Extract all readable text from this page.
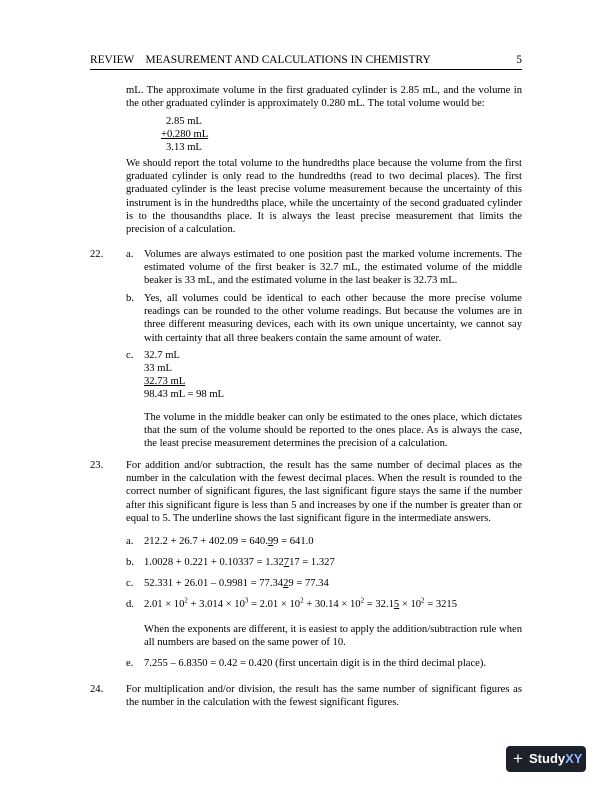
REVIEW    MEASUREMENT AND CALCULATIONS IN CHEMISTRY	5

mL. The approximate volume in the first graduated cylinder is 2.85 mL, and the volume in the other graduated cylinder is approximately 0.280 mL. The total volume would be:

2.85 mL
+0.280 mL
3.13 mL

We should report the total volume to the hundredths place because the volume from the first graduated cylinder is only read to the hundredths (read to two decimal places). The first graduated cylinder is the least precise volume measurement because the uncertainty of this instrument is in the hundredths place, while the uncertainty of the second graduated cylinder is to the thousandths place. It is always the least precise measurement that limits the precision of a calculation.

22. a. Volumes are always estimated to one position past the marked volume increments. The estimated volume of the first beaker is 32.7 mL, the estimated volume of the middle beaker is 33 mL, and the estimated volume in the last beaker is 32.73 mL.

b. Yes, all volumes could be identical to each other because the more precise volume readings can be rounded to the other volume readings. But because the volumes are in three different measuring devices, each with its own unique uncertainty, we cannot say with certainty that all three beakers contain the same amount of water.

c. 32.7 mL
33 mL
32.73 mL
98.43 mL = 98 mL

The volume in the middle beaker can only be estimated to the ones place, which dictates that the sum of the volume should be reported to the ones place. As is always the case, the least precise measurement determines the precision of a calculation.

23. For addition and/or subtraction, the result has the same number of decimal places as the number in the calculation with the fewest decimal places. When the result is rounded to the correct number of significant figures, the last significant figure stays the same if the number after this significant figure is less than 5 and increases by one if the number is greater than or equal to 5. The underline shows the last significant figure in the intermediate answers.

a. 212.2 + 26.7 + 402.09 = 640.99 = 641.0
b. 1.0028 + 0.221 + 0.10337 = 1.32717 = 1.327
c. 52.331 + 26.01 – 0.9981 = 77.3429 = 77.34
d. $2.01 \times 10^2 + 3.014 \times 10^3 = 2.01 \times 10^2 + 30.14 \times 10^2 = 32.15 \times 10^2 = 3215$

When the exponents are different, it is easiest to apply the addition/subtraction rule when all numbers are based on the same power of 10.

e. 7.255 – 6.8350 = 0.42 = 0.420 (first uncertain digit is in the third decimal place).
24. For multiplication and/or division, the result has the same number of significant figures as the number in the calculation with the fewest significant figures.

+ StudyXY
